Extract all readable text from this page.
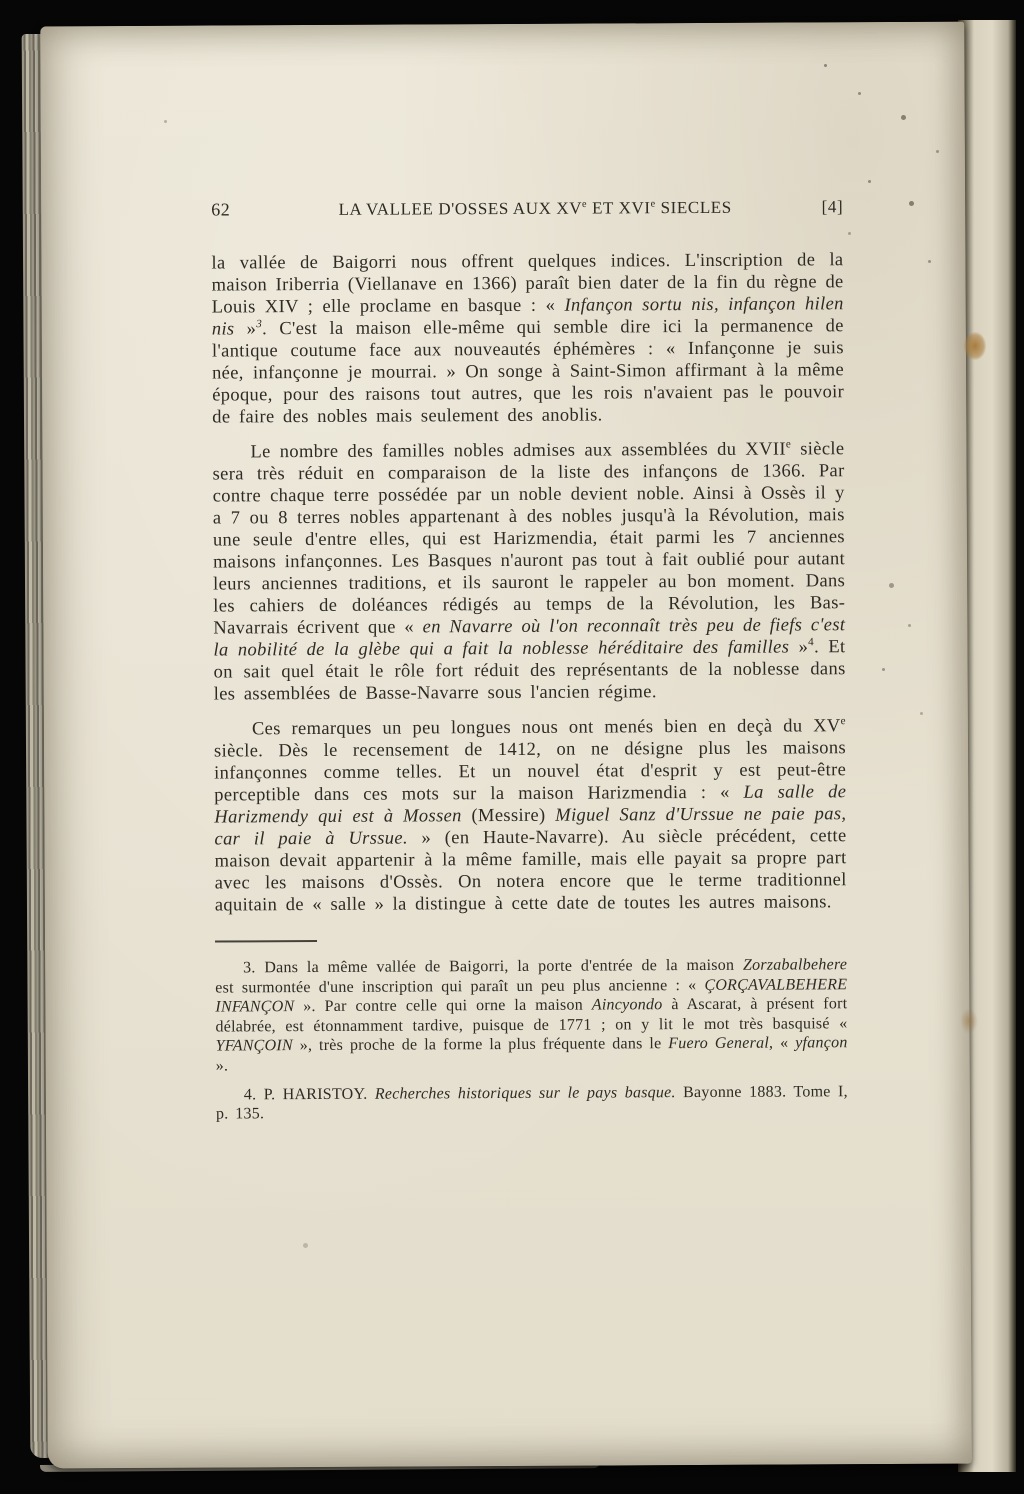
62	LA VALLEE D'OSSES AUX XVe ET XVIe SIECLES	[4]

la vallée de Baigorri nous offrent quelques indices. L'inscription de la maison Iriberria (Viellanave en 1366) paraît bien dater de la fin du règne de Louis XIV ; elle proclame en basque : « Infançon sortu nis, infançon hilen nis »$^3$. C'est la maison elle-même qui semble dire ici la permanence de l'antique coutume face aux nouveautés éphémères : « Infançonne je suis née, infançonne je mourrai. » On songe à Saint-Simon affirmant à la même époque, pour des raisons tout autres, que les rois n'avaient pas le pouvoir de faire des nobles mais seulement des anoblis.

Le nombre des familles nobles admises aux assemblées du XVIIe siècle sera très réduit en comparaison de la liste des infançons de 1366. Par contre chaque terre possédée par un noble devient noble. Ainsi à Ossès il y a 7 ou 8 terres nobles appartenant à des nobles jusqu'à la Révolution, mais une seule d'entre elles, qui est Harizmendia, était parmi les 7 anciennes maisons infançonnes. Les Basques n'auront pas tout à fait oublié pour autant leurs anciennes traditions, et ils sauront le rappeler au bon moment. Dans les cahiers de doléances rédigés au temps de la Révolution, les Bas-Navarrais écrivent que « en Navarre où l'on reconnaît très peu de fiefs c'est la nobilité de la glèbe qui a fait la noblesse héréditaire des familles »$^4$. Et on sait quel était le rôle fort réduit des représentants de la noblesse dans les assemblées de Basse-Navarre sous l'ancien régime.

Ces remarques un peu longues nous ont menés bien en deçà du XVe siècle. Dès le recensement de 1412, on ne désigne plus les maisons infançonnes comme telles. Et un nouvel état d'esprit y est peut-être perceptible dans ces mots sur la maison Harizmendia : « La salle de Harizmendy qui est à Mossen (Messire) Miguel Sanz d'Urssue ne paie pas, car il paie à Urssue. » (en Haute-Navarre). Au siècle précédent, cette maison devait appartenir à la même famille, mais elle payait sa propre part avec les maisons d'Ossès. On notera encore que le terme traditionnel aquitain de « salle » la distingue à cette date de toutes les autres maisons.

3. Dans la même vallée de Baigorri, la porte d'entrée de la maison Zorzabalbehere est surmontée d'une inscription qui paraît un peu plus ancienne : « ÇORÇAVALBEHERE INFANÇON ». Par contre celle qui orne la maison Aincyondo à Ascarat, à présent fort délabrée, est étonnamment tardive, puisque de 1771 ; on y lit le mot très basquisé « YFANÇOIN », très proche de la forme la plus fréquente dans le Fuero General, « yfançon ».

4. P. HARISTOY. Recherches historiques sur le pays basque. Bayonne 1883. Tome I, p. 135.
